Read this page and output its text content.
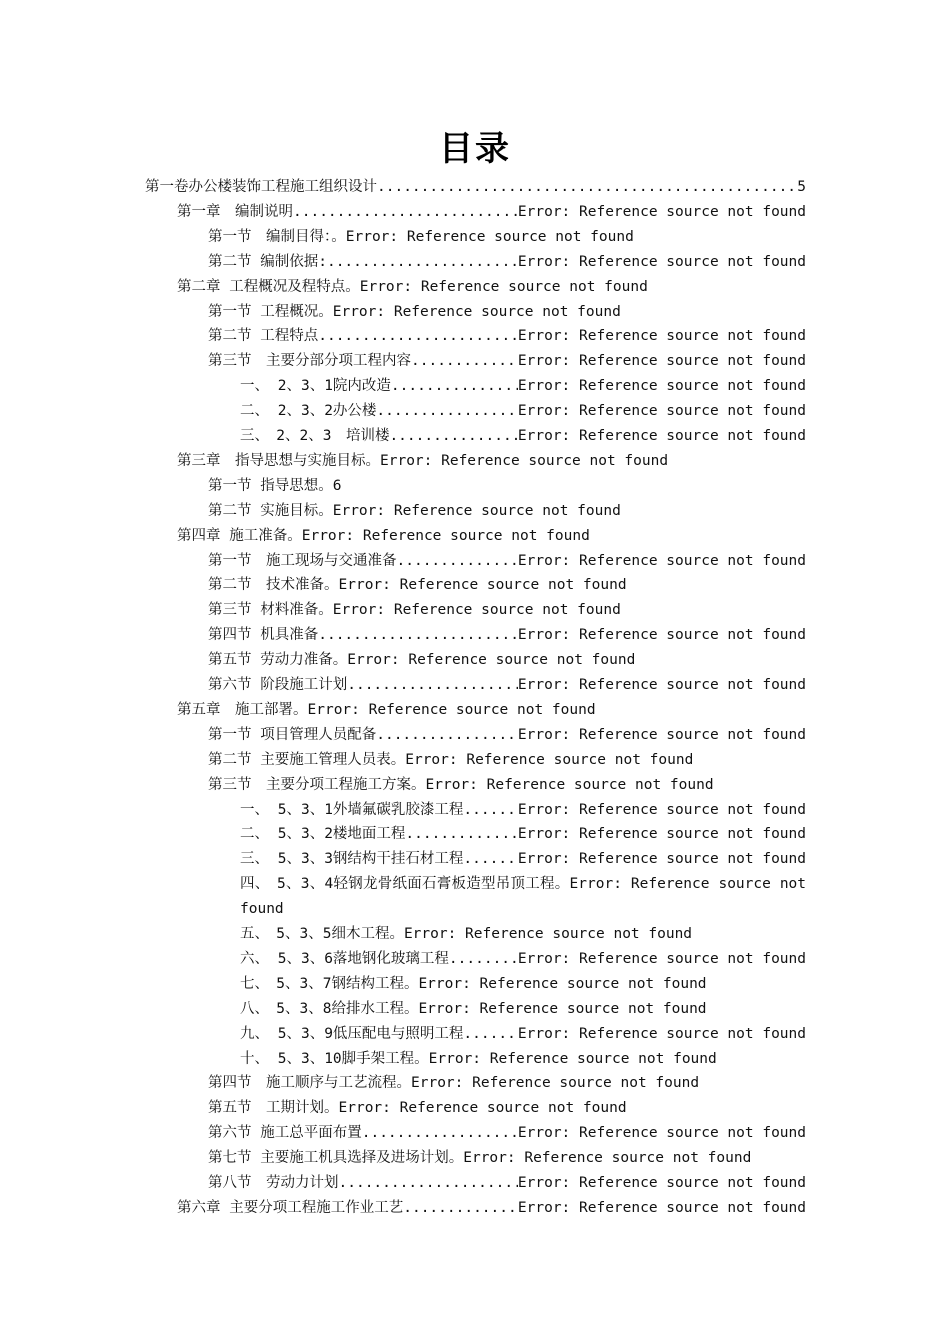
目录
第一卷办公楼装饰工程施工组织设计 .....	5
第一章　编制说明 .....	Error: Reference source not found
第一节　编制目得：。Error: Reference source not found
第二节 编制依据: .....	Error: Reference source not found
第二章 工程概况及程特点。Error: Reference source not found
第一节 工程概况。Error: Reference source not found
第二节 工程特点 .....	Error: Reference source not found
第三节　主要分部分项工程内容 .....	Error: Reference source not found
一、 2、3、1院内改造 .....	Error: Reference source not found
二、 2、3、2办公楼 .....	Error: Reference source not found
三、　2、2、3　培训楼 .....	Error: Reference source not found
第三章　指导思想与实施目标。Error: Reference source not found
第一节 指导思想。6
第二节 实施目标。Error: Reference source not found
第四章 施工准备。Error: Reference source not found
第一节　施工现场与交通准备 .....	Error: Reference source not found
第二节　技术准备。Error: Reference source not found
第三节 材料准备。Error: Reference source not found
第四节 机具准备 .....	Error: Reference source not found
第五节 劳动力准备。Error: Reference source not found
第六节 阶段施工计划 .....	Error: Reference source not found
第五章　施工部署。Error: Reference source not found
第一节 项目管理人员配备 .....	Error: Reference source not found
第二节 主要施工管理人员表。Error: Reference source not found
第三节　主要分项工程施工方案。Error: Reference source not found
一、 5、3、1外墙氟碳乳胶漆工程 .....	Error: Reference source not found
二、 5、3、2楼地面工程 .....	Error: Reference source not found
三、 5、3、3钢结构干挂石材工程 .....	Error: Reference source not found
四、　5、3、4轻钢龙骨纸面石膏板造型吊顶工程。Error: Reference source not found
五、　5、3、5细木工程。Error: Reference source not found
六、 5、3、6落地钢化玻璃工程 .....	Error: Reference source not found
七、　5、3、7钢结构工程。Error: Reference source not found
八、　5、3、8给排水工程。Error: Reference source not found
九、 5、3、9低压配电与照明工程 .....	Error: Reference source not found
十、 5、3、10脚手架工程。Error: Reference source not found
第四节　施工顺序与工艺流程。Error: Reference source not found
第五节　工期计划。Error: Reference source not found
第六节 施工总平面布置 .....	Error: Reference source not found
第七节 主要施工机具选择及进场计划。Error: Reference source not found
第八节　劳动力计划 .....	Error: Reference source not found
第六章 主要分项工程施工作业工艺 .....	Error: Reference source not found
